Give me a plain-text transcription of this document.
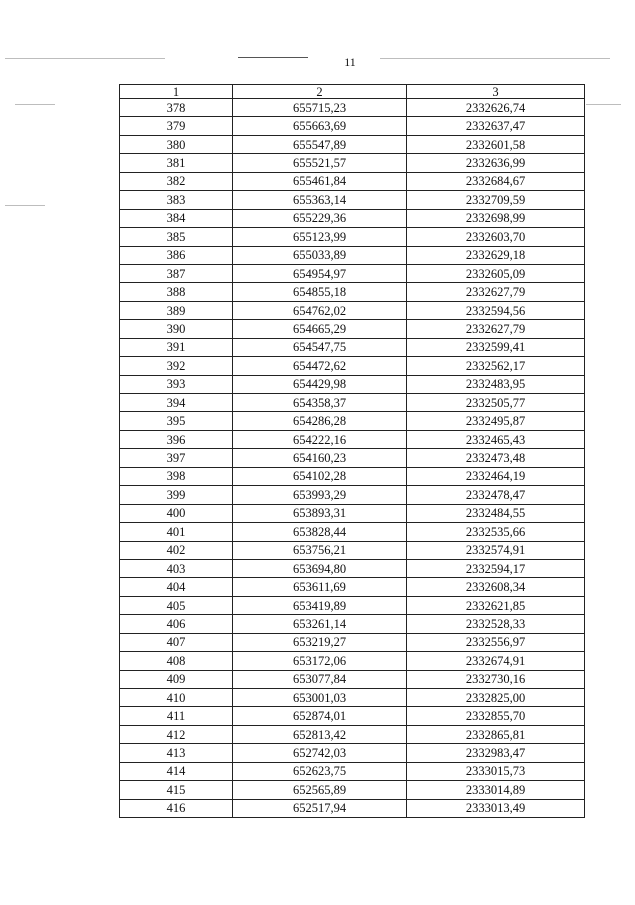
11
1	2	3
378	655715,23	2332626,74
379	655663,69	2332637,47
380	655547,89	2332601,58
381	655521,57	2332636,99
382	655461,84	2332684,67
383	655363,14	2332709,59
384	655229,36	2332698,99
385	655123,99	2332603,70
386	655033,89	2332629,18
387	654954,97	2332605,09
388	654855,18	2332627,79
389	654762,02	2332594,56
390	654665,29	2332627,79
391	654547,75	2332599,41
392	654472,62	2332562,17
393	654429,98	2332483,95
394	654358,37	2332505,77
395	654286,28	2332495,87
396	654222,16	2332465,43
397	654160,23	2332473,48
398	654102,28	2332464,19
399	653993,29	2332478,47
400	653893,31	2332484,55
401	653828,44	2332535,66
402	653756,21	2332574,91
403	653694,80	2332594,17
404	653611,69	2332608,34
405	653419,89	2332621,85
406	653261,14	2332528,33
407	653219,27	2332556,97
408	653172,06	2332674,91
409	653077,84	2332730,16
410	653001,03	2332825,00
411	652874,01	2332855,70
412	652813,42	2332865,81
413	652742,03	2332983,47
414	652623,75	2333015,73
415	652565,89	2333014,89
416	652517,94	2333013,49
